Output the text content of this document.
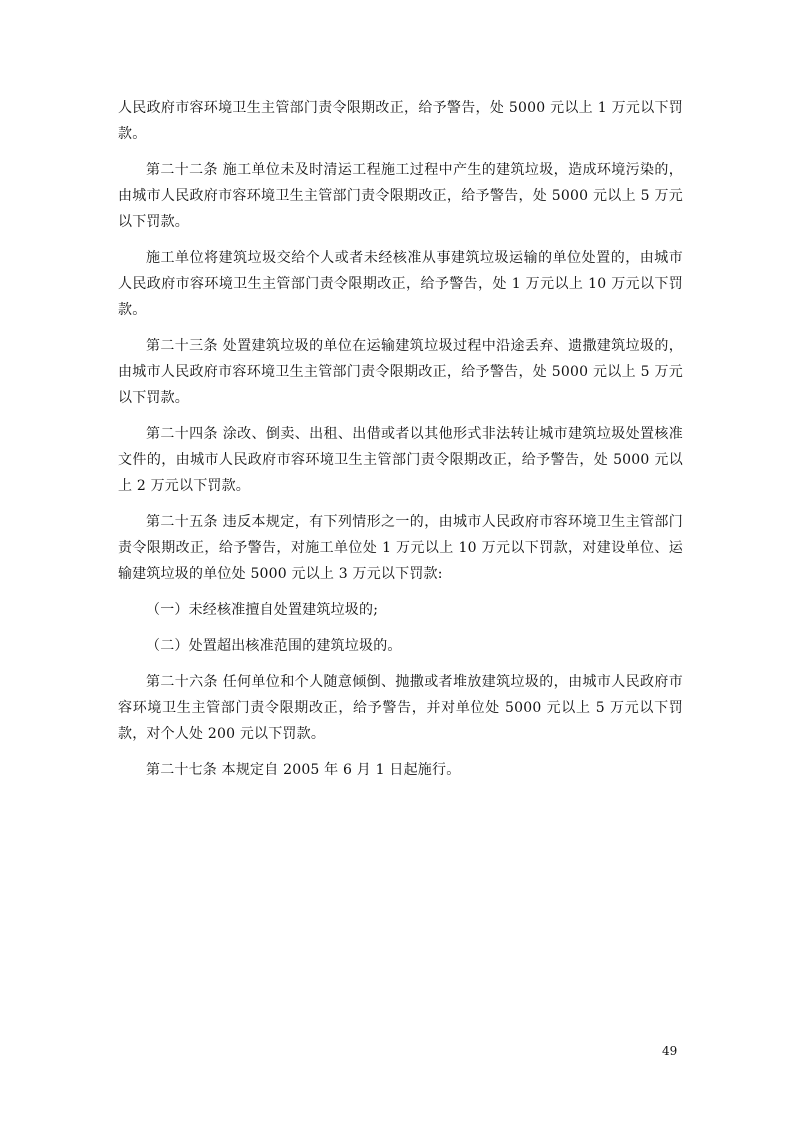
人民政府市容环境卫生主管部门责令限期改正，给予警告，处 5000 元以上 1 万元以下罚款。

第二十二条 施工单位未及时清运工程施工过程中产生的建筑垃圾，造成环境污染的，由城市人民政府市容环境卫生主管部门责令限期改正，给予警告，处 5000 元以上 5 万元以下罚款。

施工单位将建筑垃圾交给个人或者未经核准从事建筑垃圾运输的单位处置的，由城市人民政府市容环境卫生主管部门责令限期改正，给予警告，处 1 万元以上 10 万元以下罚款。

第二十三条 处置建筑垃圾的单位在运输建筑垃圾过程中沿途丢弃、遗撒建筑垃圾的，由城市人民政府市容环境卫生主管部门责令限期改正，给予警告，处 5000 元以上 5 万元以下罚款。

第二十四条 涂改、倒卖、出租、出借或者以其他形式非法转让城市建筑垃圾处置核准文件的，由城市人民政府市容环境卫生主管部门责令限期改正，给予警告，处 5000 元以上 2 万元以下罚款。

第二十五条 违反本规定，有下列情形之一的，由城市人民政府市容环境卫生主管部门责令限期改正，给予警告，对施工单位处 1 万元以上 10 万元以下罚款，对建设单位、运输建筑垃圾的单位处 5000 元以上 3 万元以下罚款:

（一）未经核准擅自处置建筑垃圾的;

（二）处置超出核准范围的建筑垃圾的。

第二十六条 任何单位和个人随意倾倒、抛撒或者堆放建筑垃圾的，由城市人民政府市容环境卫生主管部门责令限期改正，给予警告，并对单位处 5000 元以上 5 万元以下罚款，对个人处 200 元以下罚款。

第二十七条 本规定自 2005 年 6 月 1 日起施行。

49
